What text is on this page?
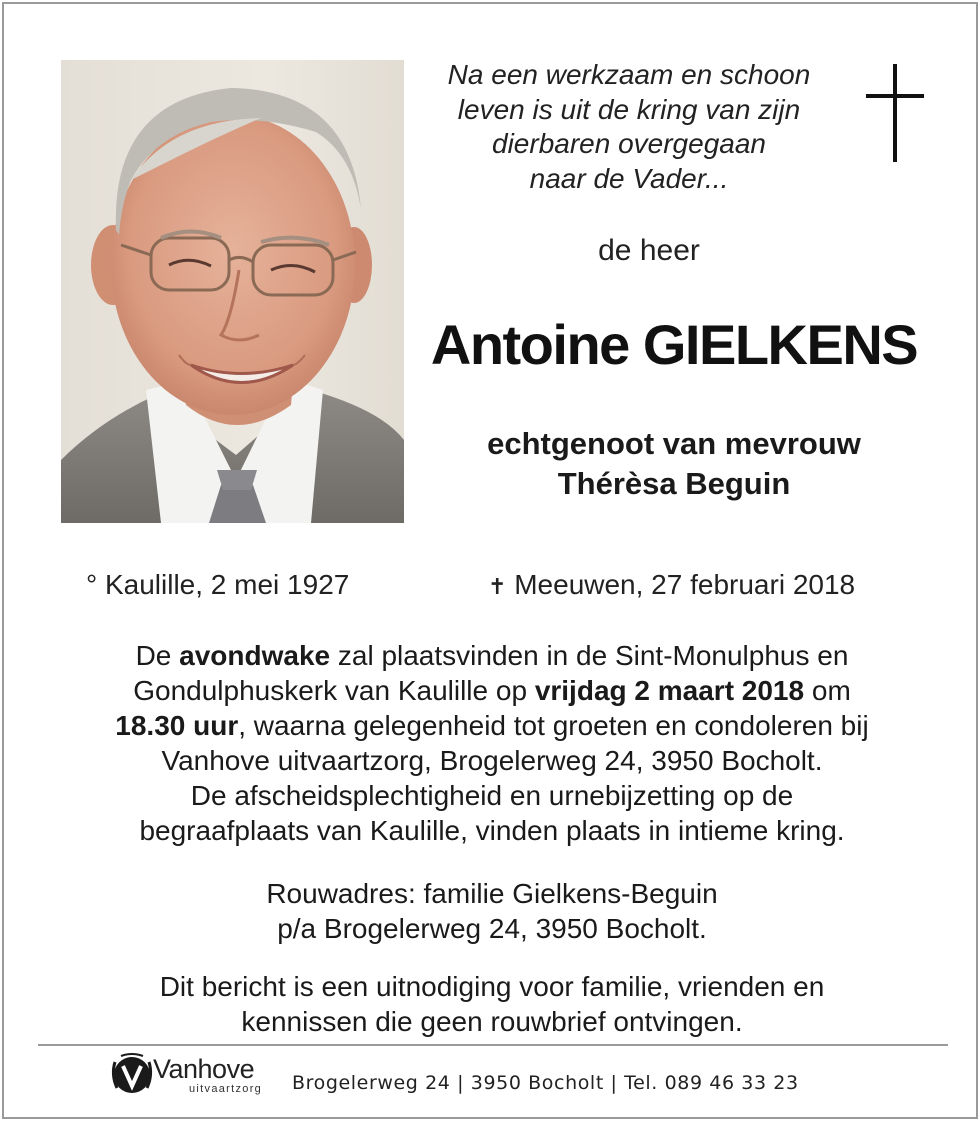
Na een werkzaam en schoon
leven is uit de kring van zijn
dierbaren overgegaan
naar de Vader...
de heer
Antoine GIELKENS
echtgenoot van mevrouw
Thérèsa Beguin
° Kaulille, 2 mei 1927	✝ Meeuwen, 27 februari 2018
De avondwake zal plaatsvinden in de Sint-Monulphus en
Gondulphuskerk van Kaulille op vrijdag 2 maart 2018 om
18.30 uur, waarna gelegenheid tot groeten en condoleren bij
Vanhove uitvaartzorg, Brogelerweg 24, 3950 Bocholt.
De afscheidsplechtigheid en urnebijzetting op de
begraafplaats van Kaulille, vinden plaats in intieme kring.
Rouwadres: familie Gielkens-Beguin
p/a Brogelerweg 24, 3950 Bocholt.
Dit bericht is een uitnodiging voor familie, vrienden en
kennissen die geen rouwbrief ontvingen.
Vanhove
uitvaartzorg Brogelerweg 24 | 3950 Bocholt | Tel. 089 46 33 23
